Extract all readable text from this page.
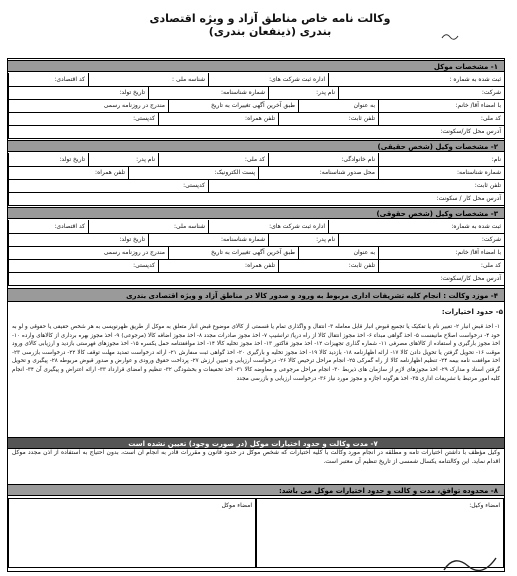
وکالت نامه خاص مناطق آزاد و ویژه اقتصادی بندری (ذینفعان بندری)
۱- مشخصات موکل
کد اقتصادی:	شناسه ملی :	اداره ثبت شرکت های:	ثبت شده به شماره :
تاریخ تولد:	شماره شناسنامه:	نام پدر:	شرکت:
مندرج در روزنامه رسمی	طبق آخرین آگهی تغییرات به تاریخ	به عنوان	با امضاء آقا/ خانم:
کدپستی:	تلفن همراه:	تلفن ثابت:	کد ملی:
آدرس محل کار/سکونت:
۲- مشخصات وکیل (شخص حقیقی)
تاریخ تولد:	نام پدر:	کد ملی:	نام خانوادگی:	نام:
تلفن همراه:	پست الکترونیک:	محل صدور شناسنامه:	شماره شناسنامه:
کدپستی:	تلفن ثابت:
آدرس محل کار / سکونت:
۳- مشخصات وکیل (شخص حقوقی)
کد اقتصادی:	شناسه ملی:	اداره ثبت شرکت های:	ثبت شده به شماره:
تاریخ تولد:	شماره شناسنامه:	نام پدر:	شرکت:
مندرج در روزنامه رسمی	طبق آخرین آگهی تغییرات به تاریخ	به عنوان	با امضاء آقا/ خانم:
کدپستی:	تلفن همراه:	تلفن ثابت:	کد ملی:
آدرس محل کار/سکونت:
۴- موزد وکالت : انجام کلیه تشریفات اداری مربوط به ورود و صدور کالا در مناطق آزاد و ویژه اقتصادی بندری
۵- حدود اختیارات:
۱- اخذ قبض انبار ۲- تغییر نام یا تفکیک یا تجمیع قبوض انبار قابل معامله ۳- انتقال و واگذاری تمام یا قسمتی از کالای موضوع قبض انبار متعلق به موکل از طریق ظهرنویسی به هر شخص حقیقی یا حقوقی و لو به خود ۴- درخواست اصلاح مانیفست ۵- اخذ گواهی مبداء ۶- اخذ مجوز انتقال کالا از راه دریا/ ترانشیپ ۷- اخذ مجوز صادرات مجدد ۸- اخذ مجوز اضافه کالا (مرجوعی) ۹- اخذ مجوز بهره برداری از کالاهای وارده ۱۰- اخذ مجوز بارگیری و استفاده از کالاهای مصرفی ۱۱- شماره گذاری تجهیزات ۱۲- اخذ مجوز فاکتور ۱۳- اخذ مجوز تخلیه کالا ۱۴- اخذ موافقتنامه حمل یکسره ۱۵- اخذ مجوزهای فهرستی بازدید و ارزیابی کالای ورود موقت ۱۶- تحویل گرفتن یا تحویل دادن کالا ۱۷- ارائه اظهارنامه ۱۸- بازدید کالا ۱۹- اخذ مجوز تخلیه و بارگیری ۲۰- اخذ گواهی ثبت سفارش ۲۱- ارائه درخواست تمدید مهلت توقف کالا ۲۲- درخواست بازرسی ۲۳- اخذ موافقت نامه بیمه ۲۴- تنظیم اظهارنامه کالا از راه گمرکی ۲۵- انجام مراحل ترخیص کالا ۲۶- درخواست ارزیابی و تعیین ارزش ۲۷- پرداخت حقوق ورودی و عوارض و صدور قبوض مربوطه ۲۸- پیگیری و تحویل گرفتن اسناد و مدارک ۲۹- اخذ مجوزهای لازم از سازمان های ذیربط ۳۰- انجام مراحل مرجوعی و معاوضه کالا ۳۱- اخذ تخفیفات و بخشودگی ۳۲- تنظیم و امضای قرارداد ۳۳- ارائه اعتراض و پیگیری آن ۳۴- انجام کلیه امور مرتبط با تشریفات اداری ۳۵- اخذ هرگونه اجازه و مجوز مورد نیاز ۳۶- درخواست ارزیابی و بازرسی مجدد
۷- مدت وکالت و حدود اختیارات موکل (در صورت وجود) تعیین نشده است
وکیل مؤظف با داشتن اختیارات تامه و مطلقه در انجام مورد وکالت با کلیه اختیارات که شخص موکل در حدود قانون و مقررات قادر به انجام آن است، بدون احتیاج به استفاده از اذن مجدد موکل اقدام نماید. این وکالتنامه یکسال شمسی از تاریخ تنظیم آن معتبر است.
۸- محدوده توافق، مدت و کالت و حدود اختیارات موکل می باشد:
امضاء موکل	امضاء وکیل:
